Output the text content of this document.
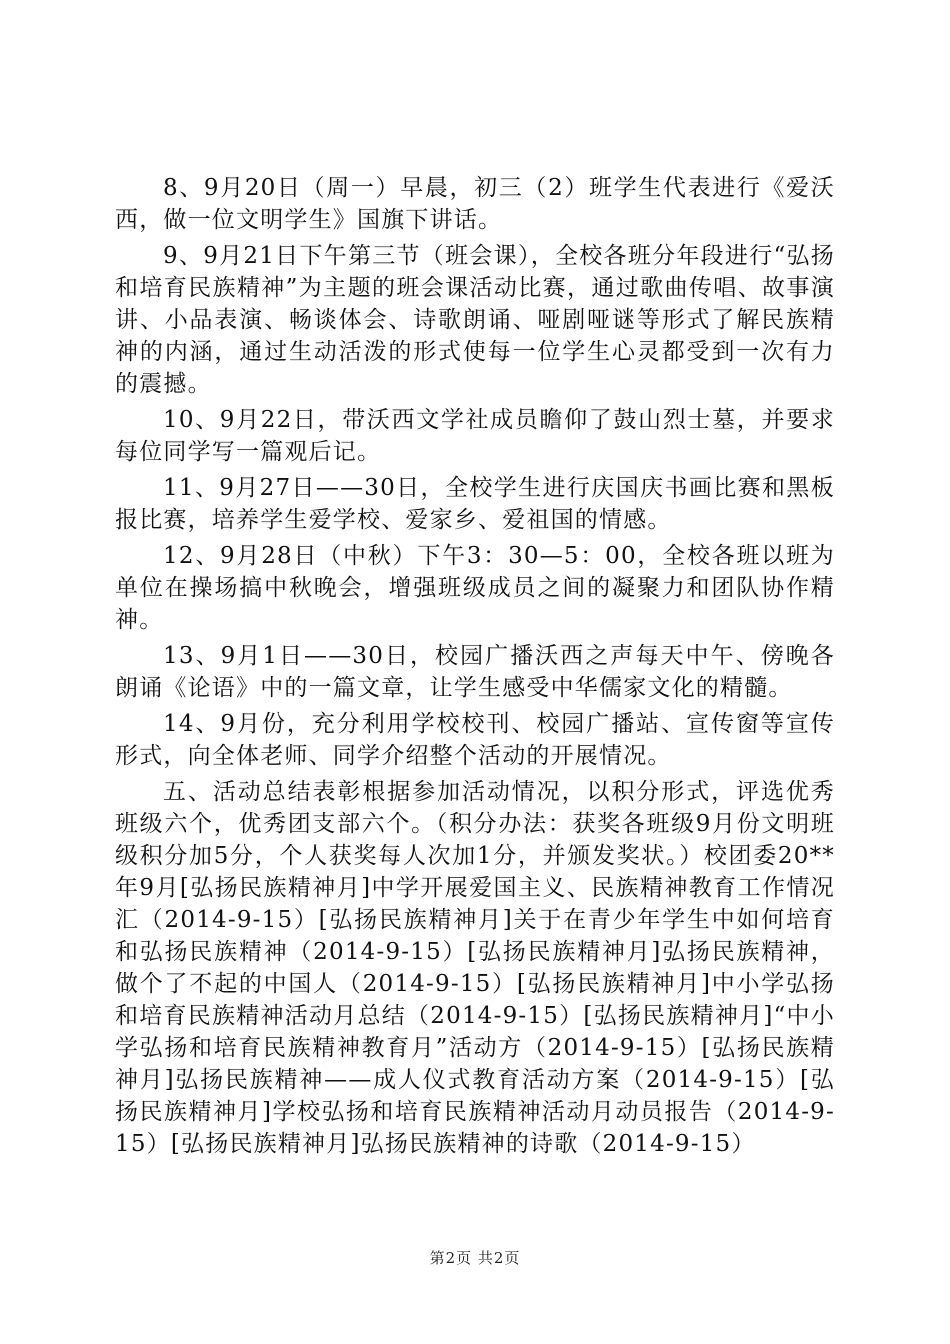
8、9月20日（周一）早晨，初三（2）班学生代表进行《爱沃西，做一位文明学生》国旗下讲话。

9、9月21日下午第三节（班会课），全校各班分年段进行“弘扬和培育民族精神”为主题的班会课活动比赛，通过歌曲传唱、故事演讲、小品表演、畅谈体会、诗歌朗诵、哑剧哑谜等形式了解民族精神的内涵，通过生动活泼的形式使每一位学生心灵都受到一次有力的震撼。

10、9月22日，带沃西文学社成员瞻仰了鼓山烈士墓，并要求每位同学写一篇观后记。

11、9月27日——30日，全校学生进行庆国庆书画比赛和黑板报比赛，培养学生爱学校、爱家乡、爱祖国的情感。

12、9月28日（中秋）下午3：30—5：00，全校各班以班为单位在操场搞中秋晚会，增强班级成员之间的凝聚力和团队协作精神。

13、9月1日——30日，校园广播沃西之声每天中午、傍晚各朗诵《论语》中的一篇文章，让学生感受中华儒家文化的精髓。

14、9月份，充分利用学校校刊、校园广播站、宣传窗等宣传形式，向全体老师、同学介绍整个活动的开展情况。

五、活动总结表彰根据参加活动情况，以积分形式，评选优秀班级六个，优秀团支部六个。（积分办法：获奖各班级9月份文明班级积分加5分，个人获奖每人次加1分，并颁发奖状。）校团委20**年9月[弘扬民族精神月]中学开展爱国主义、民族精神教育工作情况汇（2014-9-15）[弘扬民族精神月]关于在青少年学生中如何培育和弘扬民族精神（2014-9-15）[弘扬民族精神月]弘扬民族精神，做个了不起的中国人（2014-9-15）[弘扬民族精神月]中小学弘扬和培育民族精神活动月总结（2014-9-15）[弘扬民族精神月]“中小学弘扬和培育民族精神教育月”活动方（2014-9-15）[弘扬民族精神月]弘扬民族精神——成人仪式教育活动方案（2014-9-15）[弘扬民族精神月]学校弘扬和培育民族精神活动月动员报告（2014-9-15）[弘扬民族精神月]弘扬民族精神的诗歌（2014-9-15）

第2页 共2页
